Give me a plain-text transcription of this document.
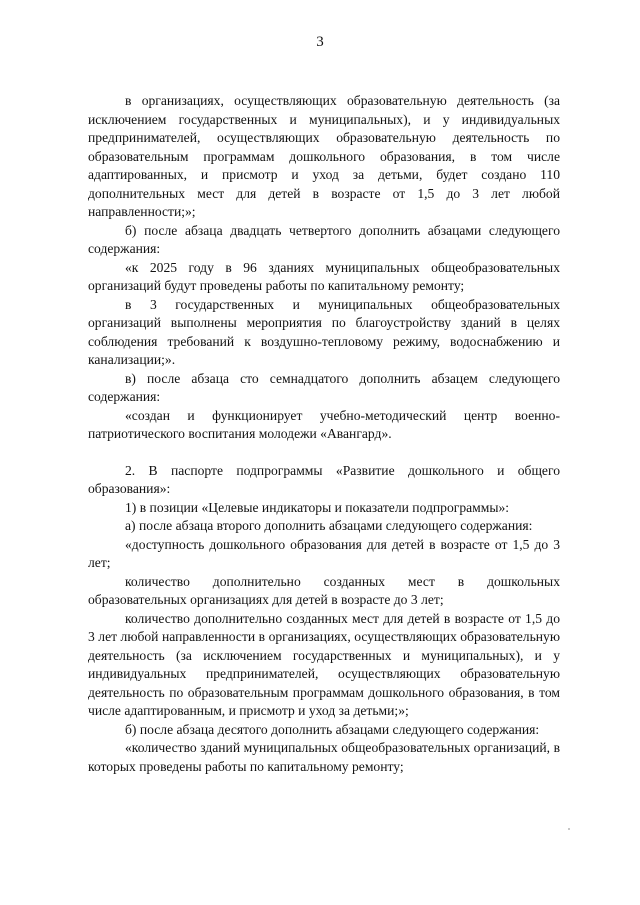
3

в организациях, осуществляющих образовательную деятельность (за исключением государственных и муниципальных), и у индивидуальных предпринимателей, осуществляющих образовательную деятельность по образовательным программам дошкольного образования, в том числе адаптированных, и присмотр и уход за детьми, будет создано 110 дополнительных мест для детей в возрасте от 1,5 до 3 лет любой направленности;»;

б) после абзаца двадцать четвертого дополнить абзацами следующего содержания:

«к 2025 году в 96 зданиях муниципальных общеобразовательных организаций будут проведены работы по капитальному ремонту;

в 3 государственных и муниципальных общеобразовательных организаций выполнены мероприятия по благоустройству зданий в целях соблюдения требований к воздушно-тепловому режиму, водоснабжению и канализации;».

в) после абзаца сто семнадцатого дополнить абзацем следующего содержания:

«создан и функционирует учебно-методический центр военно-патриотического воспитания молодежи «Авангард».

2. В паспорте подпрограммы «Развитие дошкольного и общего образования»:

1) в позиции «Целевые индикаторы и показатели подпрограммы»:

а) после абзаца второго дополнить абзацами следующего содержания:

«доступность дошкольного образования для детей в возрасте от 1,5 до 3 лет;

количество дополнительно созданных мест в дошкольных образовательных организациях для детей в возрасте до 3 лет;

количество дополнительно созданных мест для детей в возрасте от 1,5 до 3 лет любой направленности в организациях, осуществляющих образовательную деятельность (за исключением государственных и муниципальных), и у индивидуальных предпринимателей, осуществляющих образовательную деятельность по образовательным программам дошкольного образования, в том числе адаптированным, и присмотр и уход за детьми;»;

б) после абзаца десятого дополнить абзацами следующего содержания:

«количество зданий муниципальных общеобразовательных организаций, в которых проведены работы по капитальному ремонту;
